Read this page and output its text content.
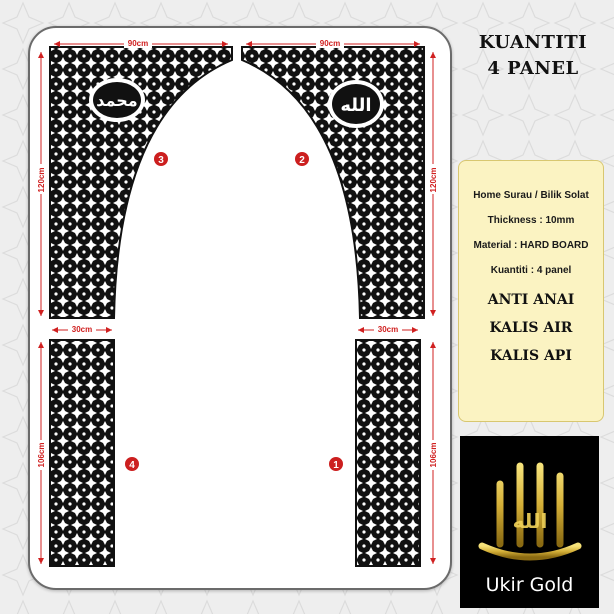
محمد	الله
90cm	90cm
120cm	120cm
30cm	30cm
106cm	106cm
3	2
4	1
KUANTITI
4 PANEL
Home Surau / Bilik Solat
Thickness : 10mm
Material : HARD BOARD
Kuantiti : 4 panel
ANTI ANAI
KALIS AIR
KALIS API
الله
Ukir Gold
